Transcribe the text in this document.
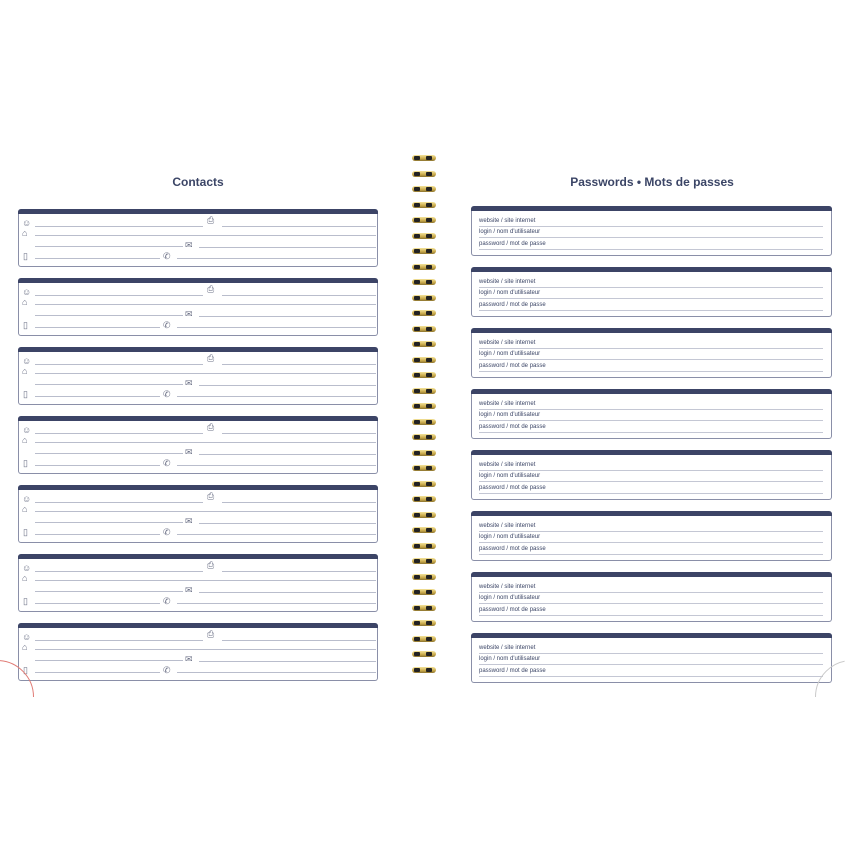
Contacts	Passwords • Mots de passes
☺	⎙
⌂
✉
▯	✆
☺	⎙
⌂
✉
▯	✆
☺	⎙
⌂
✉
▯	✆
☺	⎙
⌂
✉
▯	✆
☺	⎙
⌂
✉
▯	✆
☺	⎙
⌂
✉
▯	✆
☺	⎙
⌂
✉
▯	✆
website / site internet
login / nom d'utilisateur
password / mot de passe
website / site internet
login / nom d'utilisateur
password / mot de passe
website / site internet
login / nom d'utilisateur
password / mot de passe
website / site internet
login / nom d'utilisateur
password / mot de passe
website / site internet
login / nom d'utilisateur
password / mot de passe
website / site internet
login / nom d'utilisateur
password / mot de passe
website / site internet
login / nom d'utilisateur
password / mot de passe
website / site internet
login / nom d'utilisateur
password / mot de passe
